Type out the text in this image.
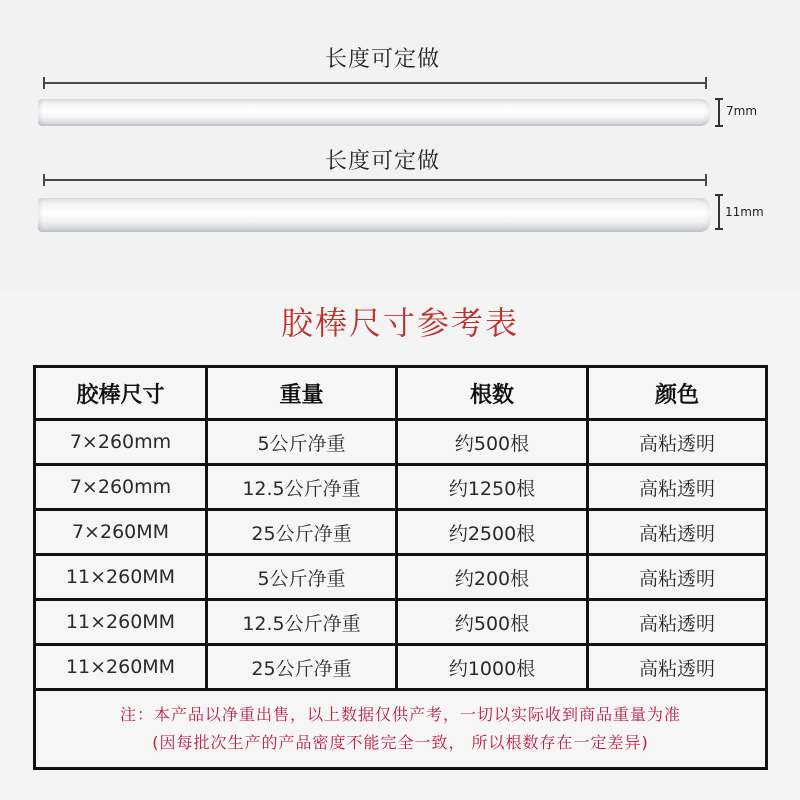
长度可定做
7mm
长度可定做
11mm
胶棒尺寸参考表
胶棒尺寸	重量	根数	颜色
7×260mm	5公斤净重	约500根	高粘透明
7×260mm	12.5公斤净重	约1250根	高粘透明
7×260MM	25公斤净重	约2500根	高粘透明
11×260MM	5公斤净重	约200根	高粘透明
11×260MM	12.5公斤净重	约500根	高粘透明
11×260MM	25公斤净重	约1000根	高粘透明
注：本产品以净重出售，以上数据仅供产考，一切以实际收到商品重量为准
(因每批次生产的产品密度不能完全一致， 所以根数存在一定差异)
